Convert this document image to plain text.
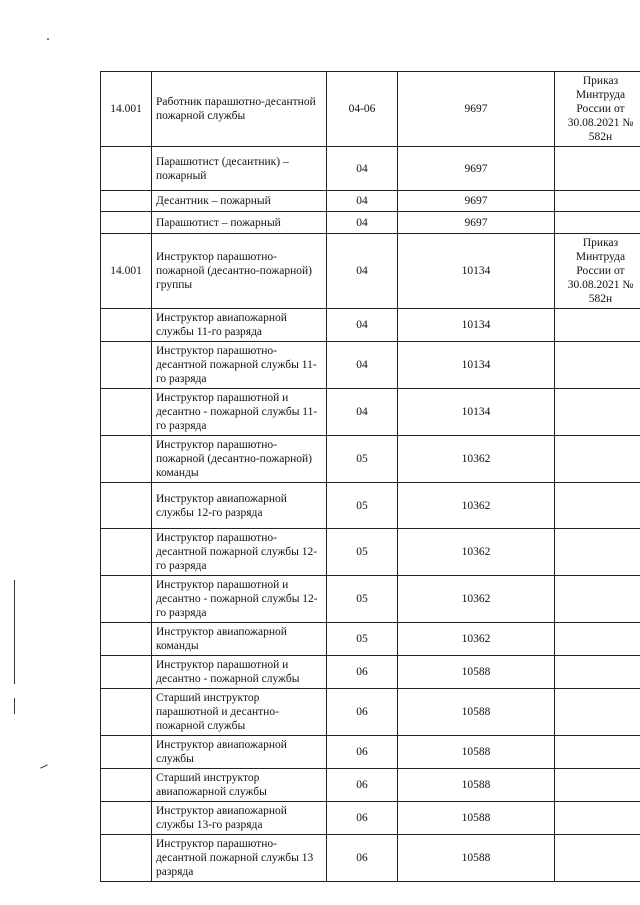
14.001	Работник парашютно-десантной пожарной службы	04-06	9697	Приказ Минтруда России от 30.08.2021 № 582н
	Парашютист (десантник) – пожарный	04	9697	
	Десантник – пожарный	04	9697	
	Парашютист – пожарный	04	9697	
14.001	Инструктор парашютно-пожарной (десантно-пожарной) группы	04	10134	Приказ Минтруда России от 30.08.2021 № 582н
	Инструктор авиапожарной службы 11-го разряда	04	10134	
	Инструктор парашютно-десантной пожарной службы 11-го разряда	04	10134	
	Инструктор парашютной и десантно - пожарной службы 11-го разряда	04	10134	
	Инструктор парашютно-пожарной (десантно-пожарной) команды	05	10362	
	Инструктор авиапожарной службы 12-го разряда	05	10362	
	Инструктор парашютно-десантной пожарной службы 12-го разряда	05	10362	
	Инструктор парашютной и десантно - пожарной службы 12-го разряда	05	10362	
	Инструктор авиапожарной команды	05	10362	
	Инструктор парашютной и десантно - пожарной службы	06	10588	
	Старший инструктор парашютной и десантно-пожарной службы	06	10588	
	Инструктор авиапожарной службы	06	10588	
	Старший инструктор авиапожарной службы	06	10588	
	Инструктор авиапожарной службы 13-го разряда	06	10588	
	Инструктор парашютно-десантной пожарной службы 13 разряда	06	10588	
